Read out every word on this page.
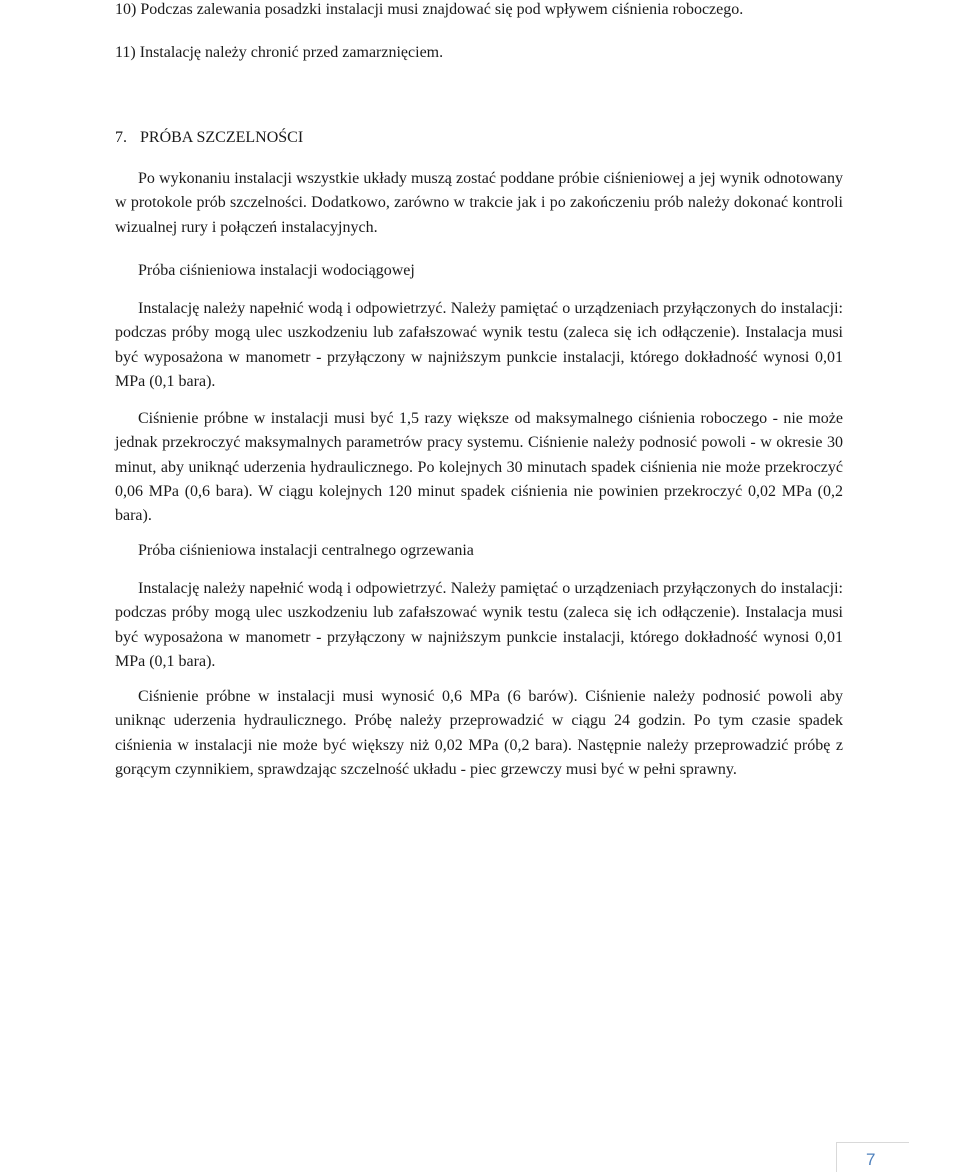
10) Podczas zalewania posadzki instalacji musi znajdować się pod wpływem ciśnienia roboczego.
11) Instalację należy chronić przed zamarznięciem.
7. PRÓBA SZCZELNOŚCI

Po wykonaniu instalacji wszystkie układy muszą zostać poddane próbie ciśnieniowej a jej wynik odnotowany w protokole prób szczelności. Dodatkowo, zarówno w trakcie jak i po zakończeniu prób należy dokonać kontroli wizualnej rury i połączeń instalacyjnych.

Próba ciśnieniowa instalacji wodociągowej

Instalację należy napełnić wodą i odpowietrzyć. Należy pamiętać o urządzeniach przyłączonych do instalacji: podczas próby mogą ulec uszkodzeniu lub zafałszować wynik testu (zaleca się ich odłączenie). Instalacja musi być wyposażona w manometr - przyłączony w najniższym punkcie instalacji, którego dokładność wynosi 0,01 MPa (0,1 bara).

Ciśnienie próbne w instalacji musi być 1,5 razy większe od maksymalnego ciśnienia roboczego - nie może jednak przekroczyć maksymalnych parametrów pracy systemu. Ciśnienie należy podnosić powoli - w okresie 30 minut, aby uniknąć uderzenia hydraulicznego. Po kolejnych 30 minutach spadek ciśnienia nie może przekroczyć 0,06 MPa (0,6 bara). W ciągu kolejnych 120 minut spadek ciśnienia nie powinien przekroczyć 0,02 MPa (0,2 bara).

Próba ciśnieniowa instalacji centralnego ogrzewania

Instalację należy napełnić wodą i odpowietrzyć. Należy pamiętać o urządzeniach przyłączonych do instalacji: podczas próby mogą ulec uszkodzeniu lub zafałszować wynik testu (zaleca się ich odłączenie). Instalacja musi być wyposażona w manometr - przyłączony w najniższym punkcie instalacji, którego dokładność wynosi 0,01 MPa (0,1 bara).

Ciśnienie próbne w instalacji musi wynosić 0,6 MPa (6 barów). Ciśnienie należy podnosić powoli aby uniknąc uderzenia hydraulicznego. Próbę należy przeprowadzić w ciągu 24 godzin. Po tym czasie spadek ciśnienia w instalacji nie może być większy niż 0,02 MPa (0,2 bara). Następnie należy przeprowadzić próbę z gorącym czynnikiem, sprawdzając szczelność układu - piec grzewczy musi być w pełni sprawny.

7
